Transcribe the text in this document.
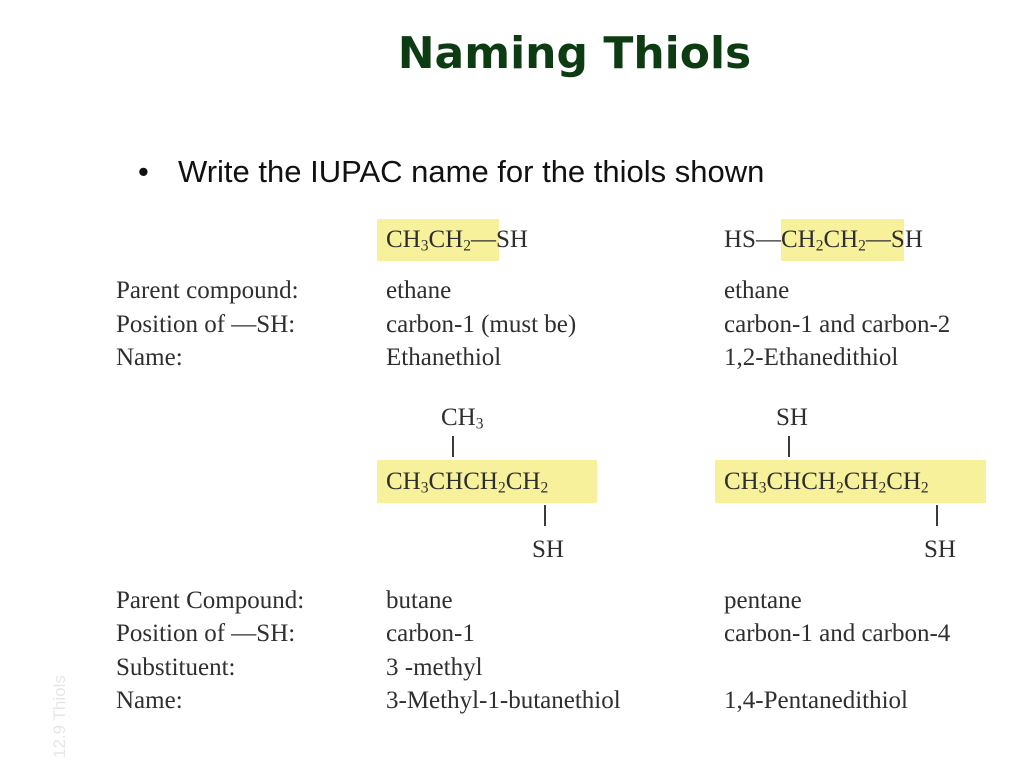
Naming Thiols
• Write the IUPAC name for the thiols shown
12.9 Thiols
$CH_3CH_2—SH$	$HS—CH_2CH_2—SH$
Parent compound:
Position of —SH:
Name:
ethane
carbon-1 (must be)
Ethanethiol
ethane
carbon-1 and carbon-2
1,2-Ethanedithiol
$CH_3$
$CH_3CHCH_2CH_2$
SH
SH
$CH_3CHCH_2CH_2CH_2$
SH
Parent Compound:
Position of —SH:
Substituent:
Name:
butane
carbon-1
3 -methyl
3-Methyl-1-butanethiol
pentane
carbon-1 and carbon-4
1,4-Pentanedithiol
